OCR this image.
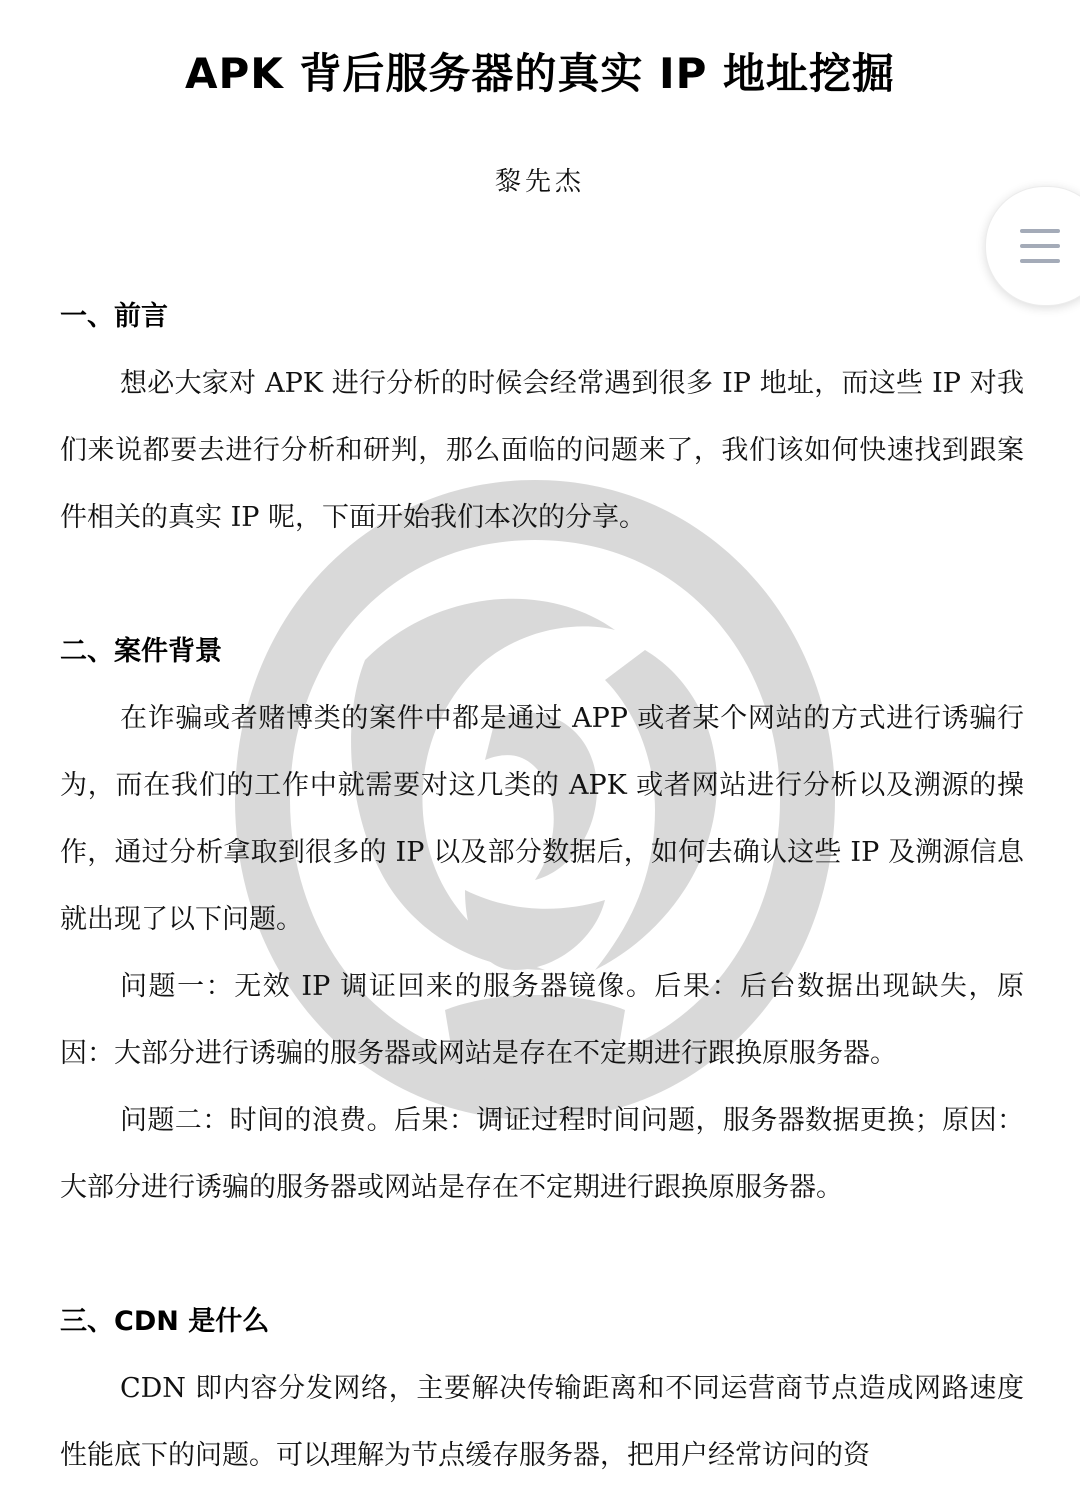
APK 背后服务器的真实 IP 地址挖掘
黎先杰
一、前言
想必大家对 APK 进行分析的时候会经常遇到很多 IP 地址，而这些 IP 对我们来说都要去进行分析和研判，那么面临的问题来了，我们该如何快速找到跟案件相关的真实 IP 呢，下面开始我们本次的分享。
二、案件背景
在诈骗或者赌博类的案件中都是通过 APP 或者某个网站的方式进行诱骗行为，而在我们的工作中就需要对这几类的 APK 或者网站进行分析以及溯源的操作，通过分析拿取到很多的 IP 以及部分数据后，如何去确认这些 IP 及溯源信息就出现了以下问题。
问题一：无效 IP 调证回来的服务器镜像。后果：后台数据出现缺失，原因：大部分进行诱骗的服务器或网站是存在不定期进行跟换原服务器。
问题二：时间的浪费。后果：调证过程时间问题，服务器数据更换；原因：大部分进行诱骗的服务器或网站是存在不定期进行跟换原服务器。
三、CDN 是什么
CDN 即内容分发网络，主要解决传输距离和不同运营商节点造成网路速度性能底下的问题。可以理解为节点缓存服务器，把用户经常访问的资
